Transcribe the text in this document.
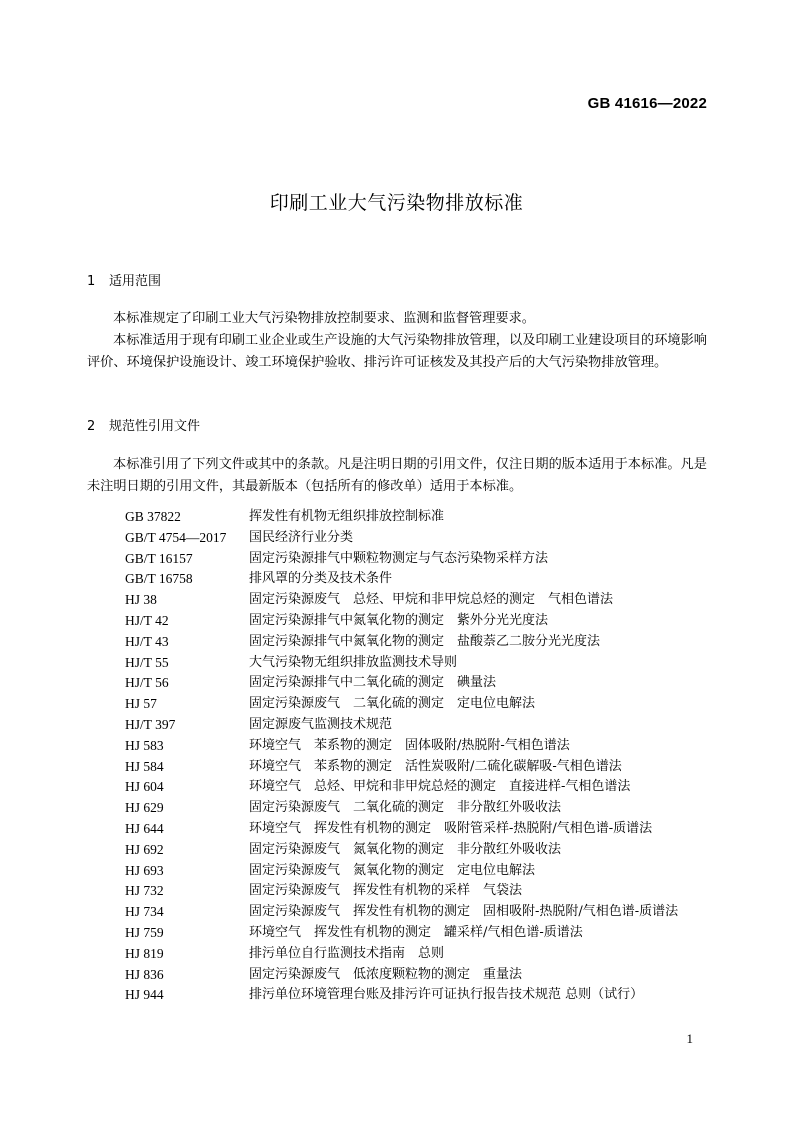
GB 41616—2022
印刷工业大气污染物排放标准
1 适用范围

本标准规定了印刷工业大气污染物排放控制要求、监测和监督管理要求。

本标准适用于现有印刷工业企业或生产设施的大气污染物排放管理，以及印刷工业建设项目的环境影响评价、环境保护设施设计、竣工环境保护验收、排污许可证核发及其投产后的大气污染物排放管理。

2 规范性引用文件

本标准引用了下列文件或其中的条款。凡是注明日期的引用文件，仅注日期的版本适用于本标准。凡是未注明日期的引用文件，其最新版本（包括所有的修改单）适用于本标准。

GB 37822	挥发性有机物无组织排放控制标准
GB/T 4754—2017	国民经济行业分类
GB/T 16157	固定污染源排气中颗粒物测定与气态污染物采样方法
GB/T 16758	排风罩的分类及技术条件
HJ 38	固定污染源废气　总烃、甲烷和非甲烷总烃的测定　气相色谱法
HJ/T 42	固定污染源排气中氮氧化物的测定　紫外分光光度法
HJ/T 43	固定污染源排气中氮氧化物的测定　盐酸萘乙二胺分光光度法
HJ/T 55	大气污染物无组织排放监测技术导则
HJ/T 56	固定污染源排气中二氧化硫的测定　碘量法
HJ 57	固定污染源废气　二氧化硫的测定　定电位电解法
HJ/T 397	固定源废气监测技术规范
HJ 583	环境空气　苯系物的测定　固体吸附/热脱附-气相色谱法
HJ 584	环境空气　苯系物的测定　活性炭吸附/二硫化碳解吸-气相色谱法
HJ 604	环境空气　总烃、甲烷和非甲烷总烃的测定　直接进样-气相色谱法
HJ 629	固定污染源废气　二氧化硫的测定　非分散红外吸收法
HJ 644	环境空气　挥发性有机物的测定　吸附管采样-热脱附/气相色谱-质谱法
HJ 692	固定污染源废气　氮氧化物的测定　非分散红外吸收法
HJ 693	固定污染源废气　氮氧化物的测定　定电位电解法
HJ 732	固定污染源废气　挥发性有机物的采样　气袋法
HJ 734	固定污染源废气　挥发性有机物的测定　固相吸附-热脱附/气相色谱-质谱法
HJ 759	环境空气　挥发性有机物的测定　罐采样/气相色谱-质谱法
HJ 819	排污单位自行监测技术指南　总则
HJ 836	固定污染源废气　低浓度颗粒物的测定　重量法
HJ 944	排污单位环境管理台账及排污许可证执行报告技术规范 总则（试行）
1
